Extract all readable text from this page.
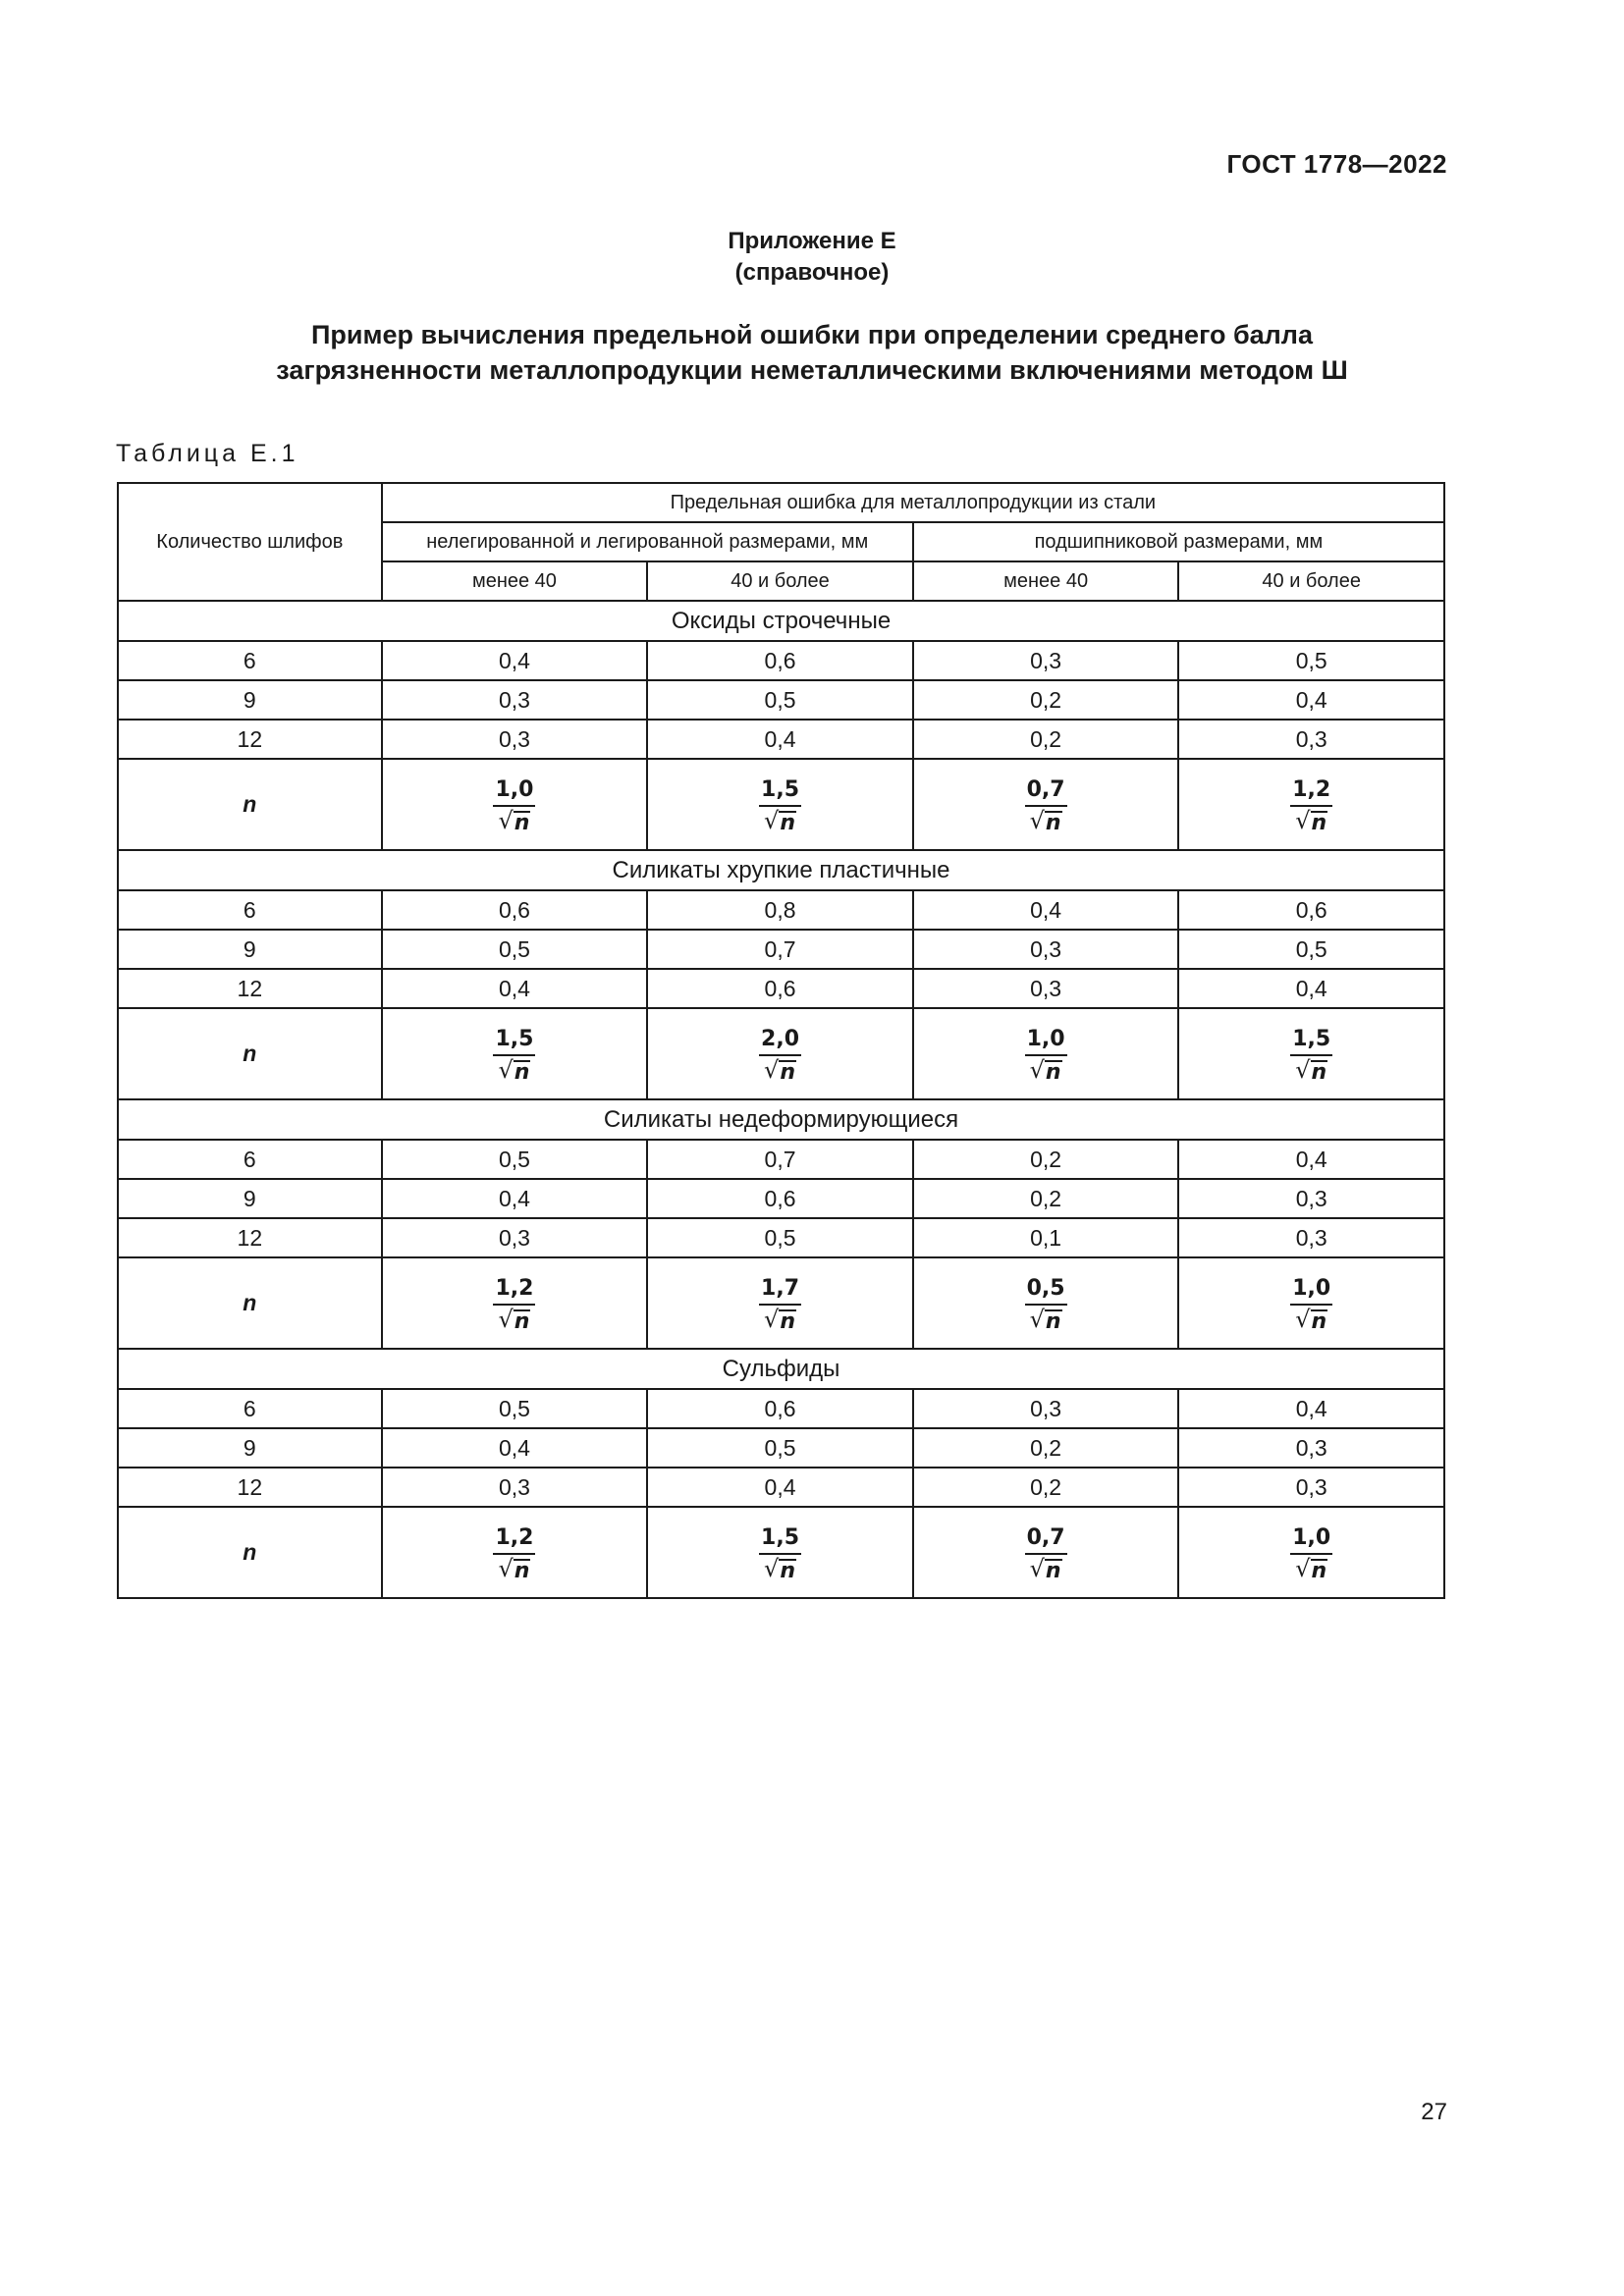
ГОСТ 1778—2022
Приложение Е
(справочное)
Пример вычисления предельной ошибки при определении среднего балла
загрязненности металлопродукции неметаллическими включениями методом Ш
Таблица Е.1
Количество шлифов	Предельная ошибка для металлопродукции из стали			
	нелегированной и легированной размерами, мм		подшипниковой размерами, мм	
	менее 40	40 и более	менее 40	40 и более
Оксиды строчечные				
6	0,4	0,6	0,3	0,5
9	0,3	0,5	0,2	0,4
12	0,3	0,4	0,2	0,3
n	$\frac{1,0}{√ n}$	$\frac{1,5}{√ n}$	$\frac{0,7}{√ n}$	$\frac{1,2}{√ n}$

Силикаты хрупкие пластичные				
6	0,6	0,8	0,4	0,6
9	0,5	0,7	0,3	0,5
12	0,4	0,6	0,3	0,4
n	$\frac{1,5}{√ n}$	$\frac{2,0}{√ n}$	$\frac{1,0}{√ n}$	$\frac{1,5}{√ n}$

Силикаты недеформирующиеся				
6	0,5	0,7	0,2	0,4
9	0,4	0,6	0,2	0,3
12	0,3	0,5	0,1	0,3
n	$\frac{1,2}{√ n}$	$\frac{1,7}{√ n}$	$\frac{0,5}{√ n}$	$\frac{1,0}{√ n}$

Сульфиды				
6	0,5	0,6	0,3	0,4
9	0,4	0,5	0,2	0,3
12	0,3	0,4	0,2	0,3
n	$\frac{1,2}{√ n}$	$\frac{1,5}{√ n}$	$\frac{0,7}{√ n}$	$\frac{1,0}{√ n}$
27
